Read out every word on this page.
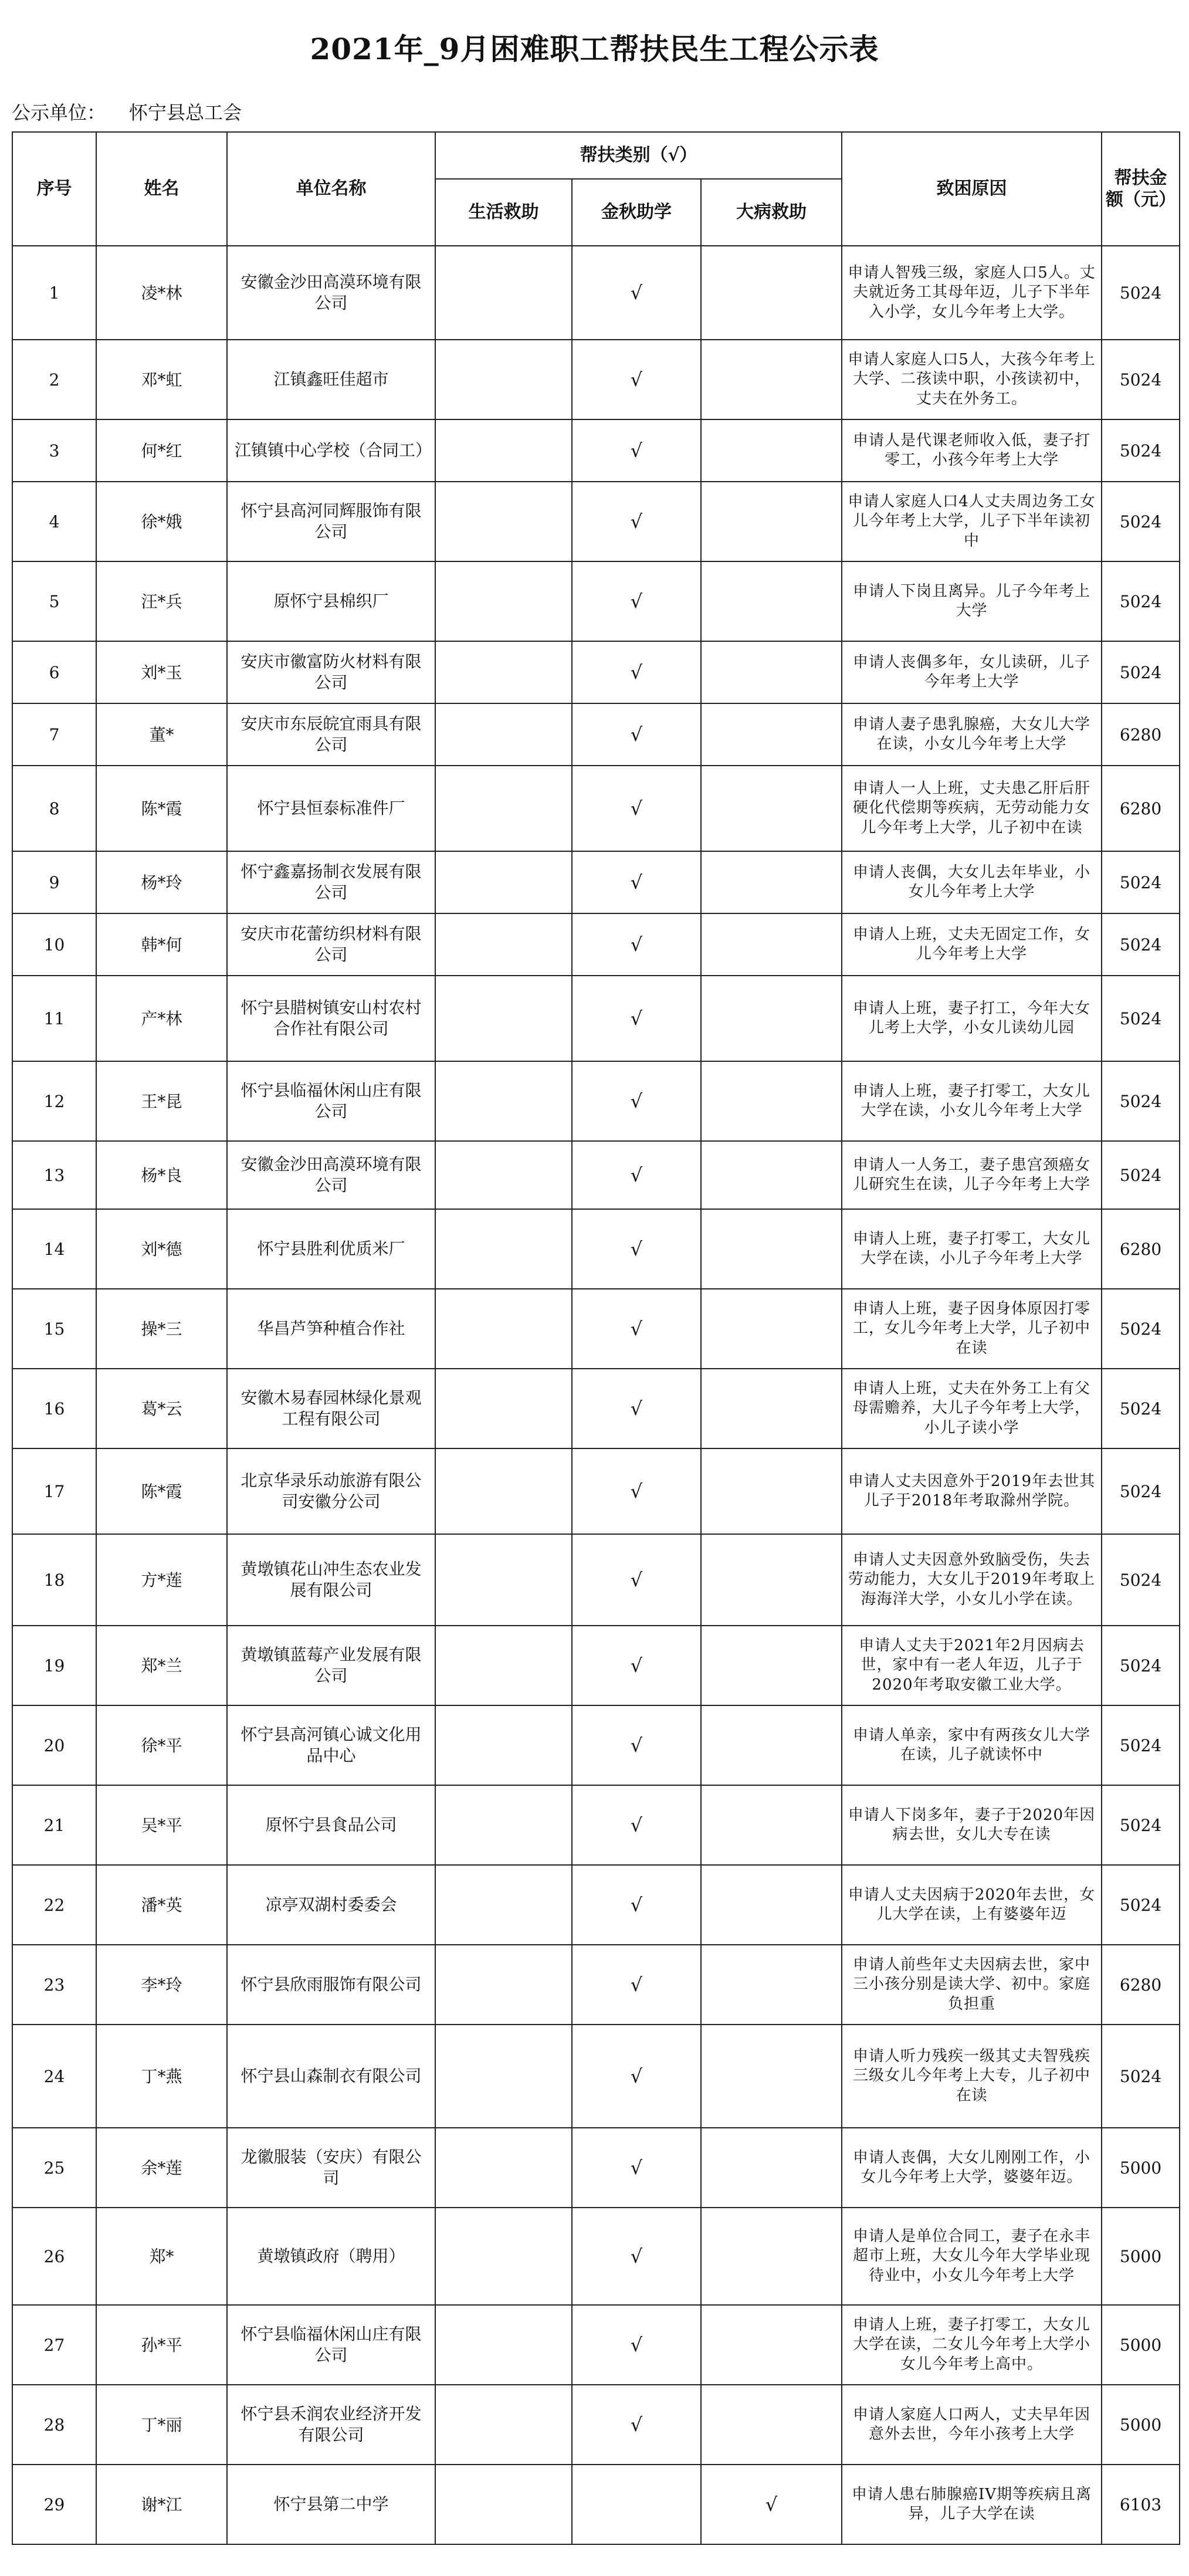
2021年_9月困难职工帮扶民生工程公示表
公示单位： 怀宁县总工会
序号	姓名	单位名称	帮扶类别（√）			致困原因	帮扶金额（元）
			生活救助	金秋助学	大病救助		
1	凌*林	安徽金沙田高漠环境有限公司		√		申请人智残三级，家庭人口5人。丈夫就近务工其母年迈，儿子下半年入小学，女儿今年考上大学。	5024
2	邓*虹	江镇鑫旺佳超市		√		申请人家庭人口5人，大孩今年考上大学、二孩读中职，小孩读初中，丈夫在外务工。	5024
3	何*红	江镇镇中心学校（合同工）		√		申请人是代课老师收入低，妻子打零工，小孩今年考上大学	5024
4	徐*娥	怀宁县高河同辉服饰有限公司		√		申请人家庭人口4人丈夫周边务工女儿今年考上大学，儿子下半年读初中	5024
5	汪*兵	原怀宁县棉织厂		√		申请人下岗且离异。儿子今年考上大学	5024
6	刘*玉	安庆市徽富防火材料有限公司		√		申请人丧偶多年，女儿读研，儿子今年考上大学	5024
7	董*	安庆市东辰皖宜雨具有限公司		√		申请人妻子患乳腺癌，大女儿大学在读，小女儿今年考上大学	6280
8	陈*霞	怀宁县恒泰标准件厂		√		申请人一人上班，丈夫患乙肝后肝硬化代偿期等疾病，无劳动能力女儿今年考上大学，儿子初中在读	6280
9	杨*玲	怀宁鑫嘉扬制衣发展有限公司		√		申请人丧偶，大女儿去年毕业，小女儿今年考上大学	5024
10	韩*何	安庆市花蕾纺织材料有限公司		√		申请人上班，丈夫无固定工作，女儿今年考上大学	5024
11	产*林	怀宁县腊树镇安山村农村合作社有限公司		√		申请人上班，妻子打工，今年大女儿考上大学，小女儿读幼儿园	5024
12	王*昆	怀宁县临福休闲山庄有限公司		√		申请人上班，妻子打零工，大女儿大学在读，小女儿今年考上大学	5024
13	杨*良	安徽金沙田高漠环境有限公司		√		申请人一人务工，妻子患宫颈癌女儿研究生在读，儿子今年考上大学	5024
14	刘*德	怀宁县胜利优质米厂		√		申请人上班，妻子打零工，大女儿大学在读，小儿子今年考上大学	6280
15	操*三	华昌芦笋种植合作社		√		申请人上班，妻子因身体原因打零工，女儿今年考上大学，儿子初中在读	5024
16	葛*云	安徽木易春园林绿化景观工程有限公司		√		申请人上班，丈夫在外务工上有父母需赡养，大儿子今年考上大学，小儿子读小学	5024
17	陈*霞	北京华录乐动旅游有限公司安徽分公司		√		申请人丈夫因意外于2019年去世其儿子于2018年考取滁州学院。	5024
18	方*莲	黄墩镇花山冲生态农业发展有限公司		√		申请人丈夫因意外致脑受伤，失去劳动能力，大女儿于2019年考取上海海洋大学，小女儿小学在读。	5024
19	郑*兰	黄墩镇蓝莓产业发展有限公司		√		申请人丈夫于2021年2月因病去世，家中有一老人年迈，儿子于2020年考取安徽工业大学。	5024
20	徐*平	怀宁县高河镇心诚文化用品中心		√		申请人单亲，家中有两孩女儿大学在读，儿子就读怀中	5024
21	吴*平	原怀宁县食品公司		√		申请人下岗多年，妻子于2020年因病去世，女儿大专在读	5024
22	潘*英	凉亭双湖村委委会		√		申请人丈夫因病于2020年去世，女儿大学在读，上有婆婆年迈	5024
23	李*玲	怀宁县欣雨服饰有限公司		√		申请人前些年丈夫因病去世，家中三小孩分别是读大学、初中。家庭负担重	6280
24	丁*燕	怀宁县山森制衣有限公司		√		申请人听力残疾一级其丈夫智残疾三级女儿今年考上大专，儿子初中在读	5024
25	余*莲	龙徽服装（安庆）有限公司		√		申请人丧偶，大女儿刚刚工作，小女儿今年考上大学，婆婆年迈。	5000
26	郑*	黄墩镇政府（聘用）		√		申请人是单位合同工，妻子在永丰超市上班，大女儿今年大学毕业现待业中，小女儿今年考上大学	5000
27	孙*平	怀宁县临福休闲山庄有限公司		√		申请人上班，妻子打零工，大女儿大学在读，二女儿今年考上大学小女儿今年考上高中。	5000
28	丁*丽	怀宁县禾润农业经济开发有限公司		√		申请人家庭人口两人，丈夫早年因意外去世，今年小孩考上大学	5000
29	谢*江	怀宁县第二中学			√	申请人患右肺腺癌IV期等疾病且离异，儿子大学在读	6103
